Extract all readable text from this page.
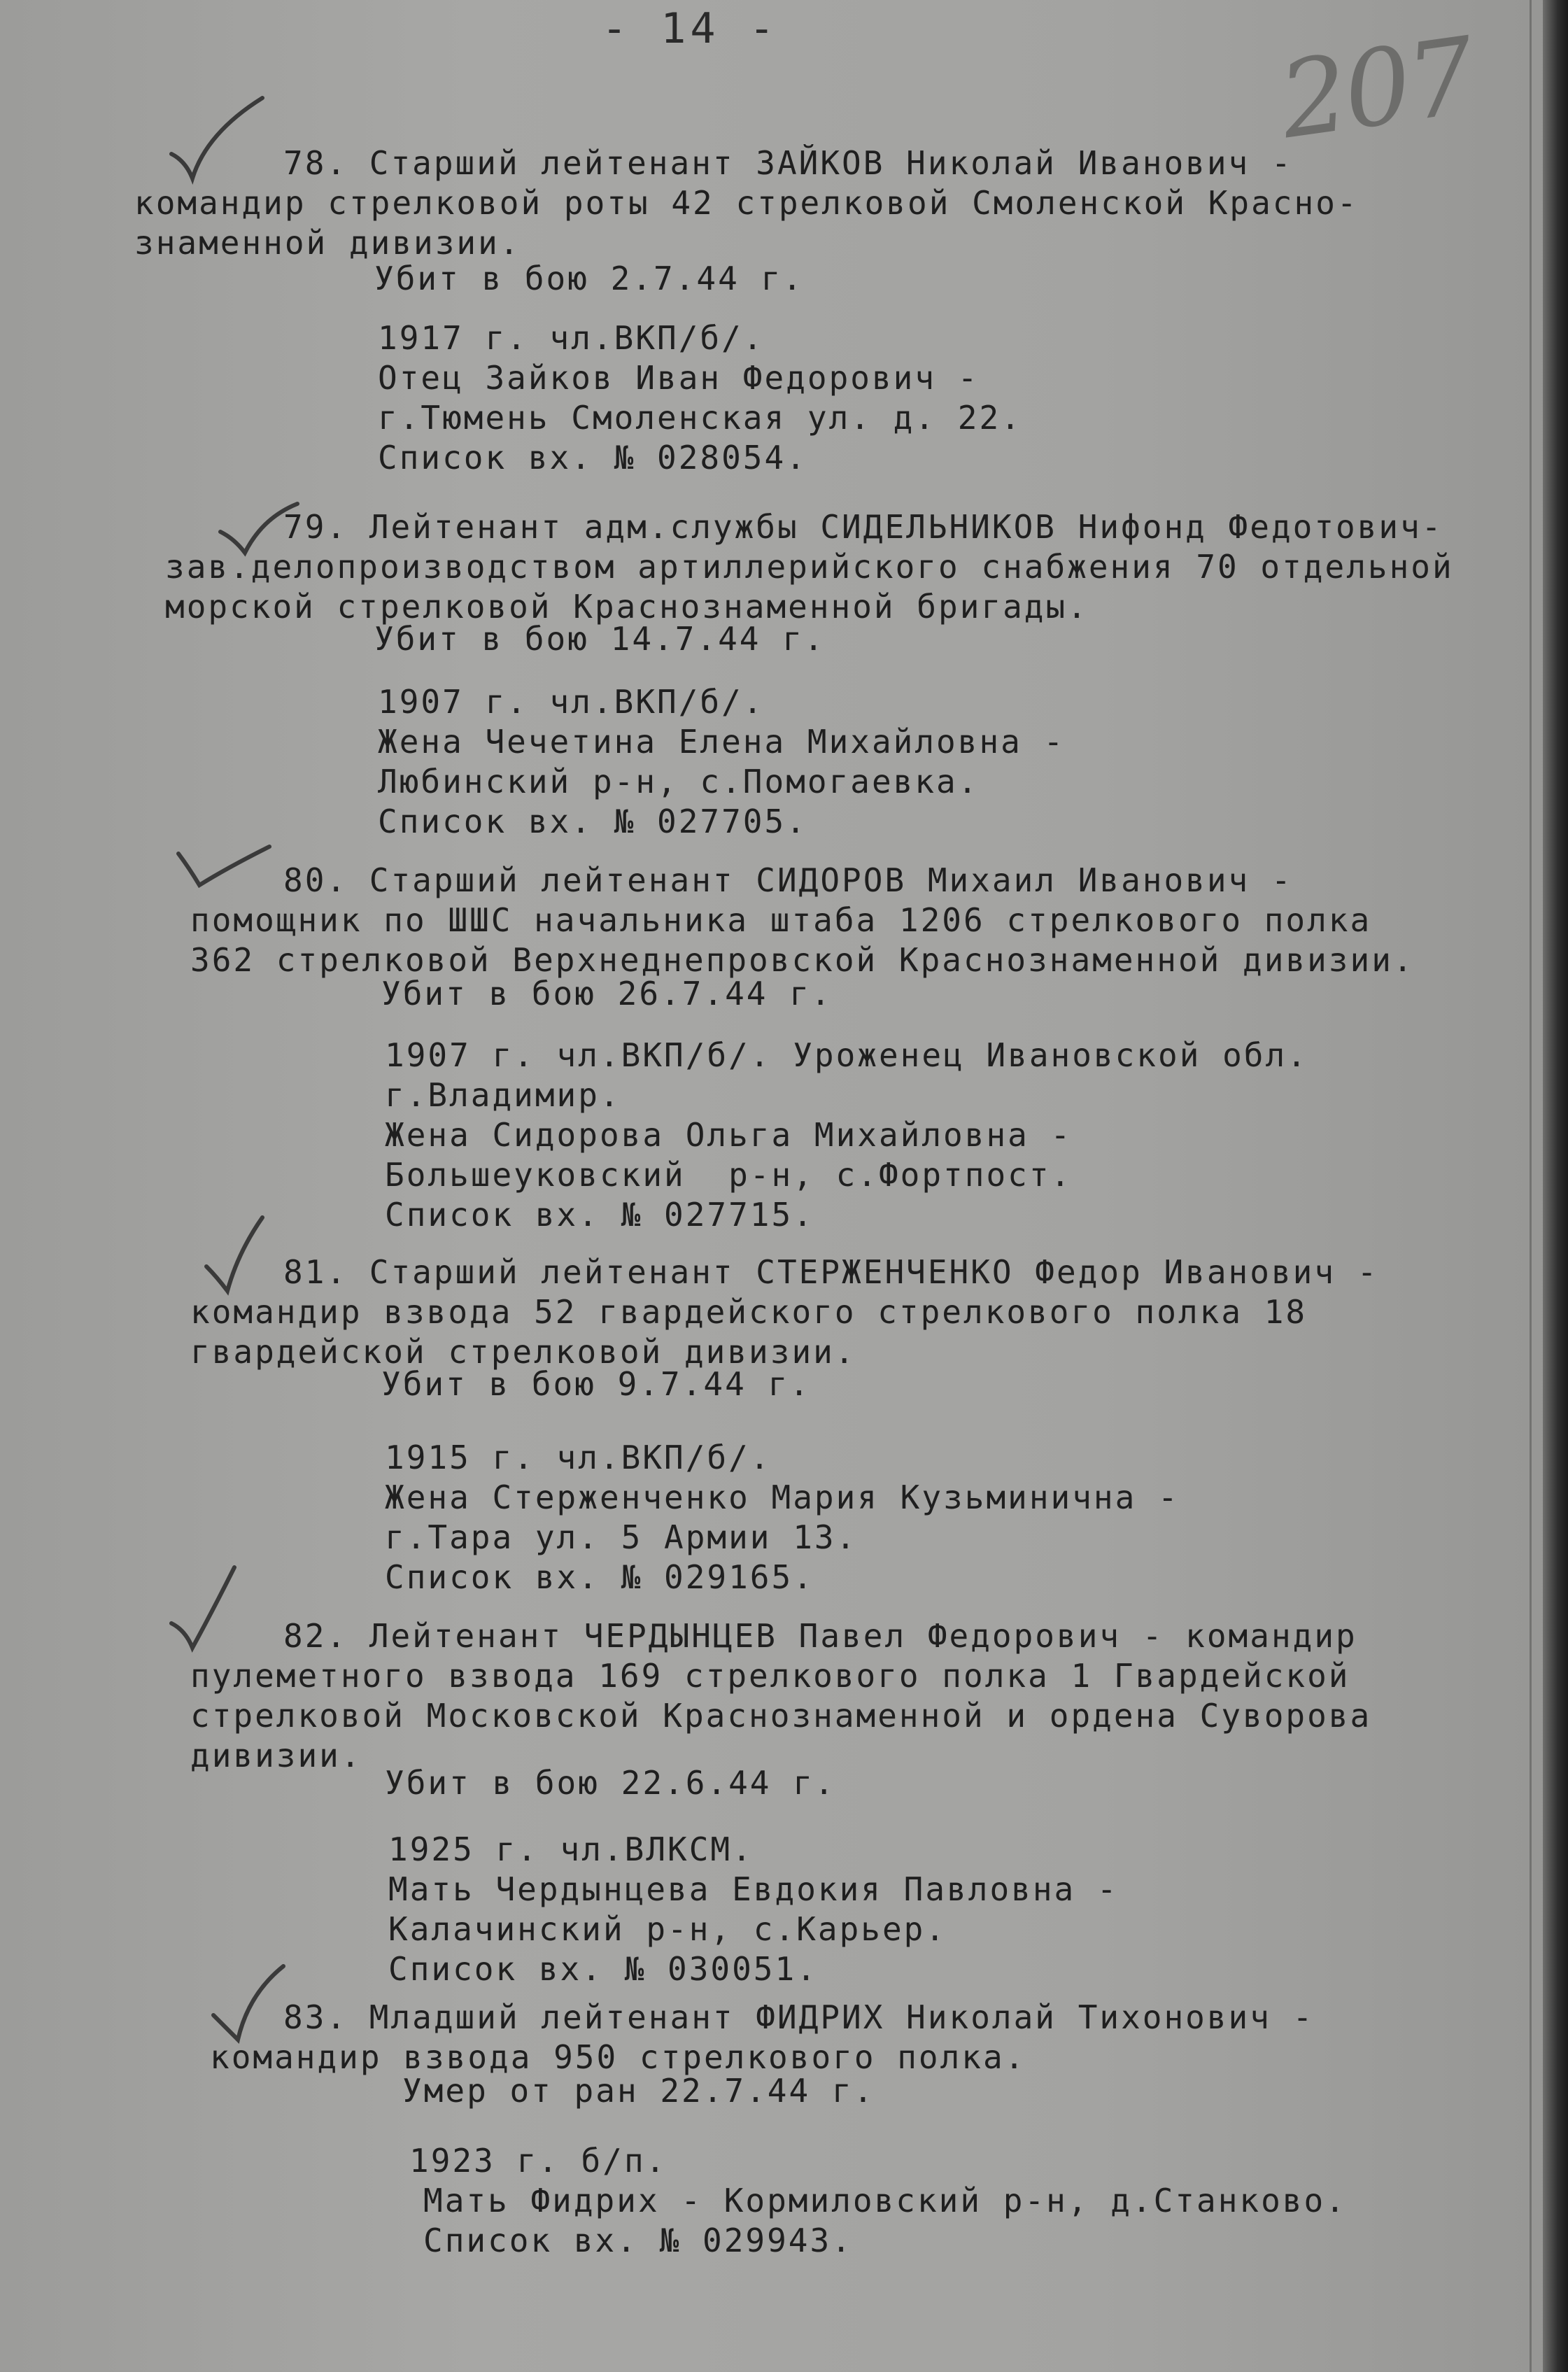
- 14 -	207
78. Старший лейтенант ЗАЙКОВ Николай Иванович -
командир стрелковой роты 42 стрелковой Смоленской Красно-
знаменной дивизии.
Убит в бою 2.7.44 г.
1917 г. чл.ВКП/б/.
Отец Зайков Иван Федорович -
г.Тюмень Смоленская ул. д. 22.
Список вх. № 028054.
79. Лейтенант адм.службы СИДЕЛЬНИКОВ Нифонд Федотович-
зав.делопроизводством артиллерийского снабжения 70 отдельной
морской стрелковой Краснознаменной бригады.
Убит в бою 14.7.44 г.
1907 г. чл.ВКП/б/.
Жена Чечетина Елена Михайловна -
Любинский р-н, с.Помогаевка.
Список вх. № 027705.
80. Старший лейтенант СИДОРОВ Михаил Иванович -
помощник по ШШС начальника штаба 1206 стрелкового полка
362 стрелковой Верхнеднепровской Краснознаменной дивизии.
Убит в бою 26.7.44 г.
1907 г. чл.ВКП/б/. Уроженец Ивановской обл.
г.Владимир.
Жена Сидорова Ольга Михайловна -
Большеуковский  р-н, с.Фортпост.
Список вх. № 027715.
81. Старший лейтенант СТЕРЖЕНЧЕНКО Федор Иванович -
командир взвода 52 гвардейского стрелкового полка 18
гвардейской стрелковой дивизии.
Убит в бою 9.7.44 г.
1915 г. чл.ВКП/б/.
Жена Стерженченко Мария Кузьминична -
г.Тара ул. 5 Армии 13.
Список вх. № 029165.
82. Лейтенант ЧЕРДЫНЦЕВ Павел Федорович - командир
пулеметного взвода 169 стрелкового полка 1 Гвардейской
стрелковой Московской Краснознаменной и ордена Суворова
дивизии.
Убит в бою 22.6.44 г.
1925 г. чл.ВЛКСМ.
Мать Чердынцева Евдокия Павловна -
Калачинский р-н, с.Карьер.
Список вх. № 030051.
83. Младший лейтенант ФИДРИХ Николай Тихонович -
командир взвода 950 стрелкового полка.
Умер от ран 22.7.44 г.
1923 г. б/п.
Мать Фидрих - Кормиловский р-н, д.Станково.
Список вх. № 029943.
